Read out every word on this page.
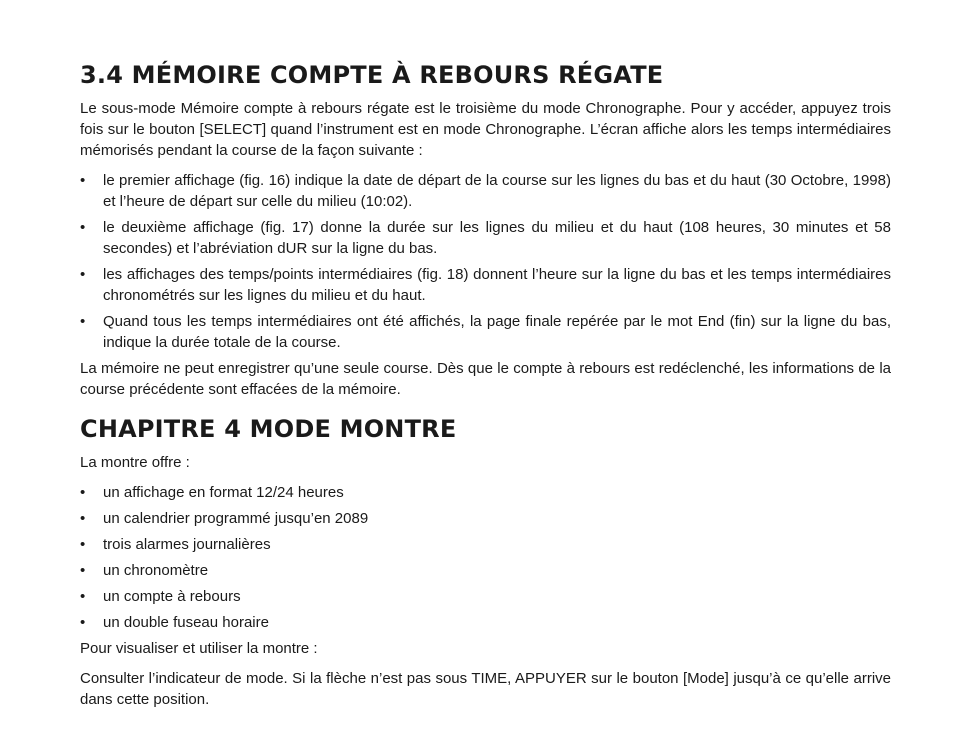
3.4 MÉMOIRE COMPTE À REBOURS RÉGATE

Le sous-mode Mémoire compte à rebours régate est le troisième du mode Chronographe. Pour y accéder, appuyez trois fois sur le bouton [SELECT] quand l’instrument est en mode Chronographe. L’écran affiche alors les temps intermédiaires mémorisés pendant la course de la façon suivante :

• le premier affichage (fig. 16) indique la date de départ de la course sur les lignes du bas et du haut (30 Octobre, 1998) et l’heure de départ sur celle du milieu (10:02).
• le deuxième affichage (fig. 17) donne la durée sur les lignes du milieu et du haut (108 heures, 30 minutes et 58 secondes) et l’abréviation dUR sur la ligne du bas.
• les affichages des temps/points intermédiaires (fig. 18) donnent l’heure sur la ligne du bas et les temps intermédiaires chronométrés sur les lignes du milieu et du haut.
• Quand tous les temps intermédiaires ont été affichés, la page finale repérée par le mot End (fin) sur la ligne du bas, indique la durée totale de la course.

La mémoire ne peut enregistrer qu’une seule course. Dès que le compte à rebours est redéclenché, les informations de la course précédente sont effacées de la mémoire.

CHAPITRE 4 MODE MONTRE

La montre offre :

• un affichage en format 12/24 heures
• un calendrier programmé jusqu’en 2089
• trois alarmes journalières
• un chronomètre
• un compte à rebours
• un double fuseau horaire

Pour visualiser et utiliser la montre :

Consulter l’indicateur de mode. Si la flèche n’est pas sous TIME, APPUYER sur le bouton [Mode] jusqu’à ce qu’elle arrive dans cette position.
